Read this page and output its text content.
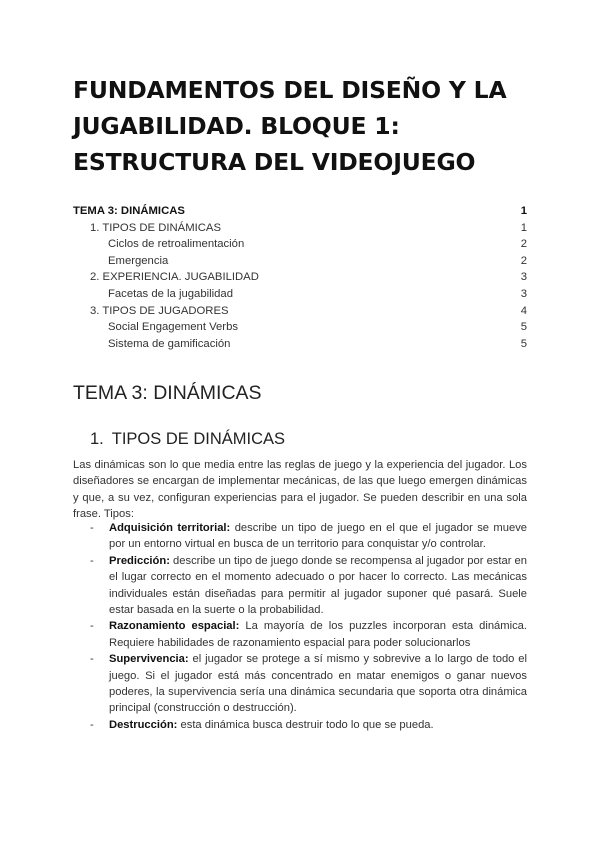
FUNDAMENTOS DEL DISEÑO Y LA JUGABILIDAD. BLOQUE 1: ESTRUCTURA DEL VIDEOJUEGO
TEMA 3: DINÁMICAS	1
1. TIPOS DE DINÁMICAS	1
Ciclos de retroalimentación	2
Emergencia	2
2. EXPERIENCIA. JUGABILIDAD	3
Facetas de la jugabilidad	3
3. TIPOS DE JUGADORES	4
Social Engagement Verbs	5
Sistema de gamificación	5
TEMA 3: DINÁMICAS
1. TIPOS DE DINÁMICAS

Las dinámicas son lo que media entre las reglas de juego y la experiencia del jugador. Los diseñadores se encargan de implementar mecánicas, de las que luego emergen dinámicas y que, a su vez, configuran experiencias para el jugador. Se pueden describir en una sola frase. Tipos:

- Adquisición territorial: describe un tipo de juego en el que el jugador se mueve por un entorno virtual en busca de un territorio para conquistar y/o controlar.
- Predicción: describe un tipo de juego donde se recompensa al jugador por estar en el lugar correcto en el momento adecuado o por hacer lo correcto. Las mecánicas individuales están diseñadas para permitir al jugador suponer qué pasará. Suele estar basada en la suerte o la probabilidad.
- Razonamiento espacial: La mayoría de los puzzles incorporan esta dinámica. Requiere habilidades de razonamiento espacial para poder solucionarlos
- Supervivencia: el jugador se protege a sí mismo y sobrevive a lo largo de todo el juego. Si el jugador está más concentrado en matar enemigos o ganar nuevos poderes, la supervivencia sería una dinámica secundaria que soporta otra dinámica principal (construcción o destrucción).
- Destrucción: esta dinámica busca destruir todo lo que se pueda.
